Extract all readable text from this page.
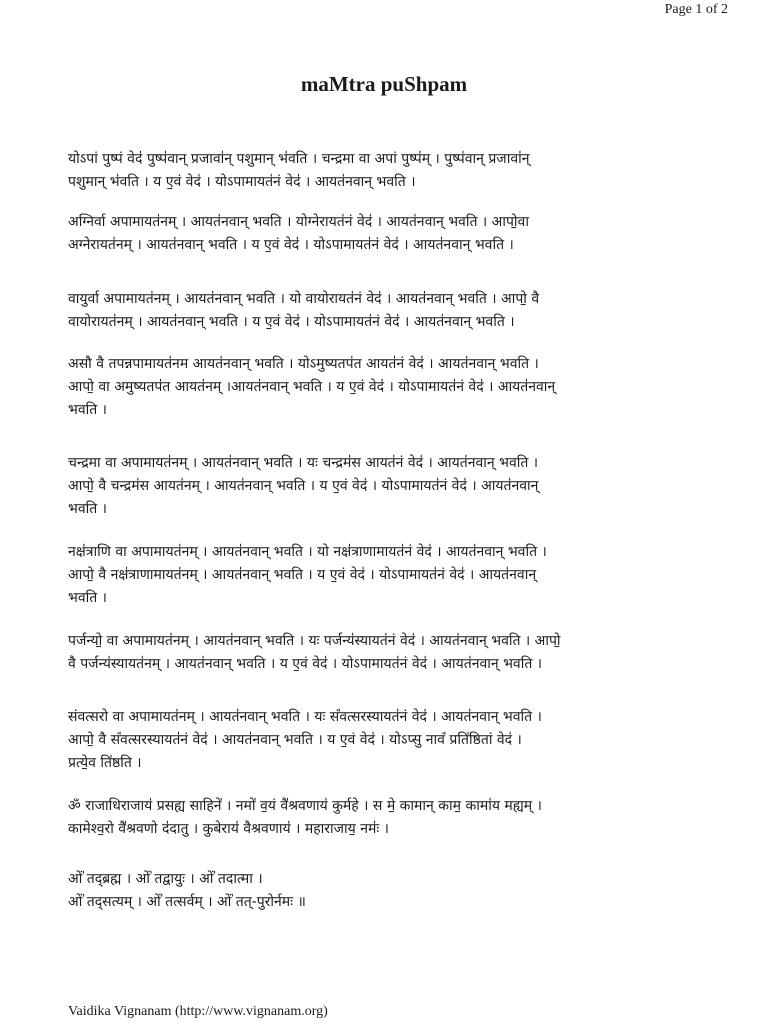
Page 1 of 2
maMtra puShpam
योऽपां पुष्पं वेद॑ पुष्प॑वान् प्रजावा॑न् पशुमान् भ॑वति । चन्द्रमा वा अपां पुष्प॑म् । पुष्प॑वान् प्रजावा॑न्
पशुमान् भ॑वति । य ए॒वं वेद॑ । योऽपामायत॑नं वेद॑ । आयत॑नवान् भवति ।
अग्निर्वा अपामायत॑नम् । आयत॑नवान् भवति । योग्नेरायत॑नं वेद॑ । आयत॑नवान् भवति । आपो॒वा
अग्नेरायत॑नम् । आयत॑नवान् भवति । य ए॒वं वेद॑ । योऽपामायत॑नं वेद॑ । आयत॑नवान् भवति ।
वायुर्वा अपामायत॑नम् । आयत॑नवान् भवति । यो वायोरायत॑नं वेद॑ । आयत॑नवान् भवति । आपो॒ वै
वायोरायत॑नम् । आयत॑नवान् भवति । य ए॒वं वेद॑ । योऽपामायत॑नं वेद॑ । आयत॑नवान् भवति ।
असौ वै तपन्नपामायत॑नम आयत॑नवान् भवति । योऽमुष्यतप॑त आयत॑नं वेद॑ । आयत॑नवान् भवति ।
आपो॒ वा अमुष्यतप॑त आयत॑नम् ।आयत॑नवान् भवति । य ए॒वं वेद॑ । योऽपामायत॑नं वेद॑ । आयत॑नवान्
भवति ।
चन्द्रमा वा अपामायत॑नम् । आयत॑नवान् भवति । यः चन्द्रम॑स आयत॑नं वेद॑ । आयत॑नवान् भवति ।
आपो॒ वै चन्द्रम॑स आयत॑नम् । आयत॑नवान् भवति । य ए॒वं वेद॑ । योऽपामायत॑नं वेद॑ । आयत॑नवान्
भवति ।
नक्ष॑त्राणि वा अपामायत॑नम् । आयत॑नवान् भवति । यो नक्ष॑त्राणामायत॑नं वेद॑ । आयत॑नवान् भवति ।
आपो॒ वै नक्ष॑त्राणामायत॑नम् । आयत॑नवान् भवति । य ए॒वं वेद॑ । योऽपामायत॑नं वेद॑ । आयत॑नवान्
भवति ।
पर्जन्यो॒ वा अपामायत॑नम् । आयत॑नवान् भवति । यः पर्जन्य॑स्यायत॑नं वेद॑ । आयत॑नवान् भवति । आपो॒
वै पर्जन्य॑स्यायत॑नम् । आयत॑नवान् भवति । य ए॒वं वेद॑ । योऽपामायत॑नं वेद॑ । आयत॑नवान् भवति ।
संवत्सरो वा अपामायत॑नम् । आयत॑नवान् भवति । यः सं॑वत्सरस्यायत॑नं वेद॑ । आयत॑नवान् भवति ।
आपो॒ वै सं॑वत्सरस्यायत॑नं वेद॑ । आयत॑नवान् भवति । य ए॒वं वेद॑ । योऽप्सु नावं॑ प्रति॑ष्ठितां वेद॑ ।
प्रत्ये॒व ति॑ष्ठति ।
ॐ राजाधिराजाय॑ प्रसह्य साहिने॑ । नमो॑ व॒यं वै॑श्रवणाय॑ कुर्महे । स मे॒ कामान् काम॒ कामा॑य मह्यम् ।
कामेश्व॒रो वै॑श्रवणो द॑दातु । कुबेराय॑ वैश्रवणाय॑ । महाराजाय॒ नमः॑ ।
ओं॑ तद्ब्रह्म । ओं॑ तद्वायुः । ओं॑ तदात्मा ।
ओं॑ तद्सत्यम् । ओं॑ तत्सर्वम् । ओं॑ तत्-पुरोर्नमः ॥
Vaidika Vignanam (http://www.vignanam.org)
